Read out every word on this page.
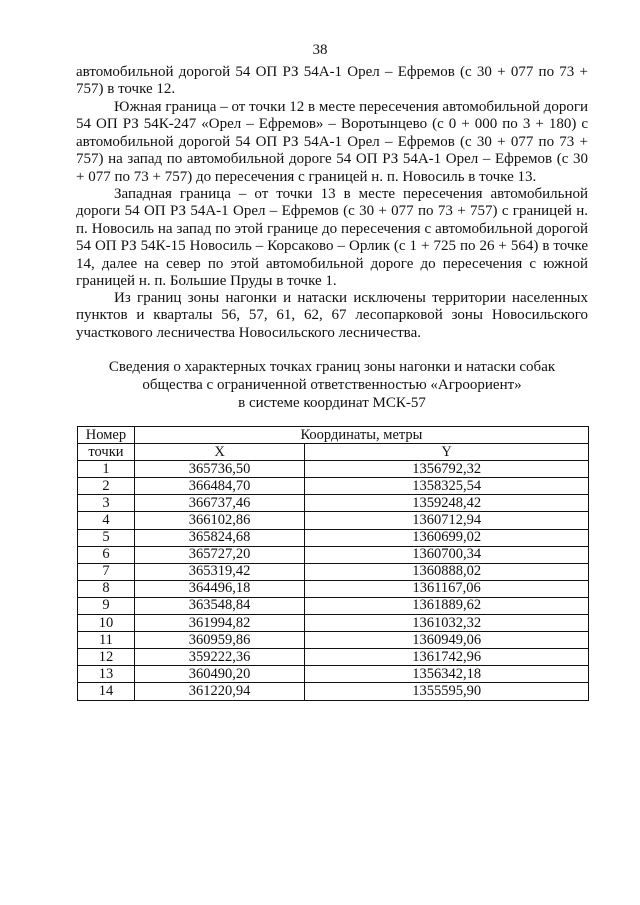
38

автомобильной дорогой 54 ОП РЗ 54А-1 Орел – Ефремов (с 30 + 077 по 73 + 757) в точке 12.

Южная граница – от точки 12 в месте пересечения автомобильной дороги 54 ОП РЗ 54К-247 «Орел – Ефремов» – Воротынцево (с 0 + 000 по 3 + 180) с автомобильной дорогой 54 ОП РЗ 54А-1 Орел – Ефремов (с 30 + 077 по 73 + 757) на запад по автомобильной дороге 54 ОП РЗ 54А-1 Орел – Ефремов (с 30 + 077 по 73 + 757) до пересечения с границей н. п. Новосиль в точке 13.

Западная граница – от точки 13 в месте пересечения автомобильной дороги 54 ОП РЗ 54А-1 Орел – Ефремов (с 30 + 077 по 73 + 757) с границей н. п. Новосиль на запад по этой границе до пересечения с автомобильной дорогой 54 ОП РЗ 54К-15 Новосиль – Корсаково – Орлик (с 1 + 725 по 26 + 564) в точке 14, далее на север по этой автомобильной дороге до пересечения с южной границей н. п. Большие Пруды в точке 1.

Из границ зоны нагонки и натаски исключены территории населенных пунктов и кварталы 56, 57, 61, 62, 67 лесопарковой зоны Новосильского участкового лесничества Новосильского лесничества.

Сведения о характерных точках границ зоны нагонки и натаски собак
общества с ограниченной ответственностью «Агроориент»
в системе координат МСК-57
Номер	Координаты, метры	
точки	X	Y
1	365736,50	1356792,32
2	366484,70	1358325,54
3	366737,46	1359248,42
4	366102,86	1360712,94
5	365824,68	1360699,02
6	365727,20	1360700,34
7	365319,42	1360888,02
8	364496,18	1361167,06
9	363548,84	1361889,62
10	361994,82	1361032,32
11	360959,86	1360949,06
12	359222,36	1361742,96
13	360490,20	1356342,18
14	361220,94	1355595,90
